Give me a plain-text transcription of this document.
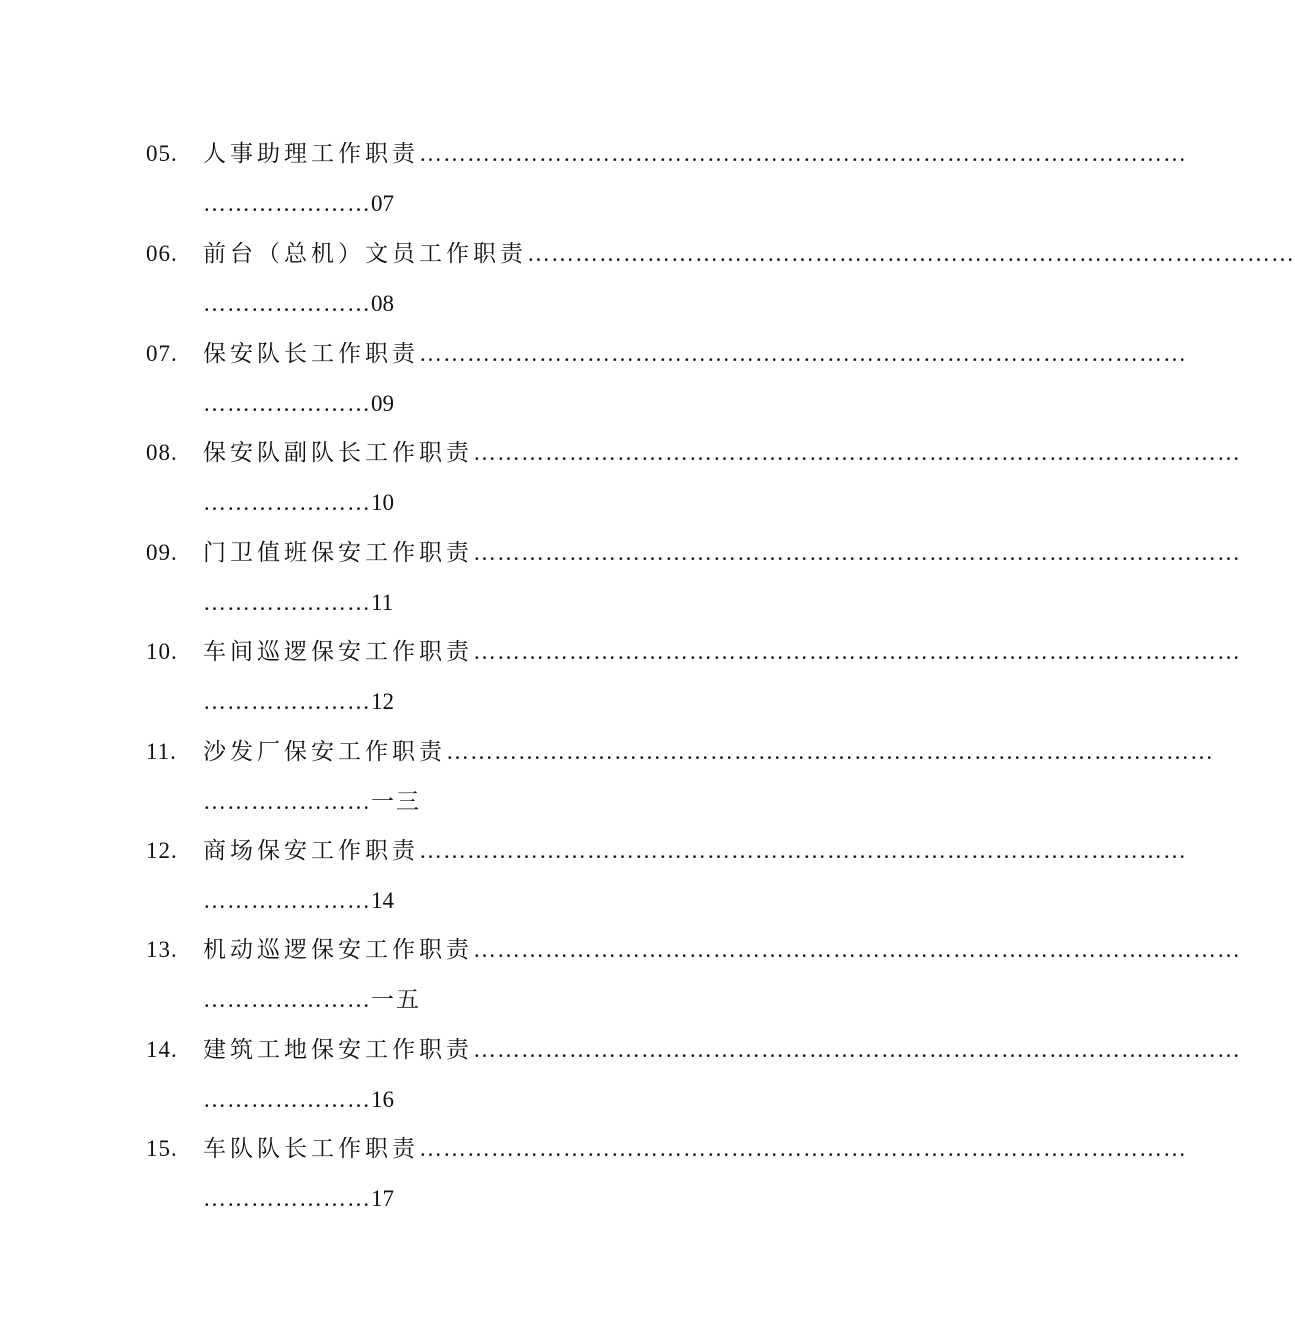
05. 人事助理工作职责……………………………………………………………………………………
…………………07
06. 前台（总机）文员工作职责……………………………………………………………………………………
…………………08
07. 保安队长工作职责……………………………………………………………………………………
…………………09
08. 保安队副队长工作职责……………………………………………………………………………………
…………………10
09. 门卫值班保安工作职责……………………………………………………………………………………
…………………11
10. 车间巡逻保安工作职责……………………………………………………………………………………
…………………12
11. 沙发厂保安工作职责……………………………………………………………………………………
…………………一三
12. 商场保安工作职责……………………………………………………………………………………
…………………14
13. 机动巡逻保安工作职责……………………………………………………………………………………
…………………一五
14. 建筑工地保安工作职责……………………………………………………………………………………
…………………16
15. 车队队长工作职责……………………………………………………………………………………
…………………17
